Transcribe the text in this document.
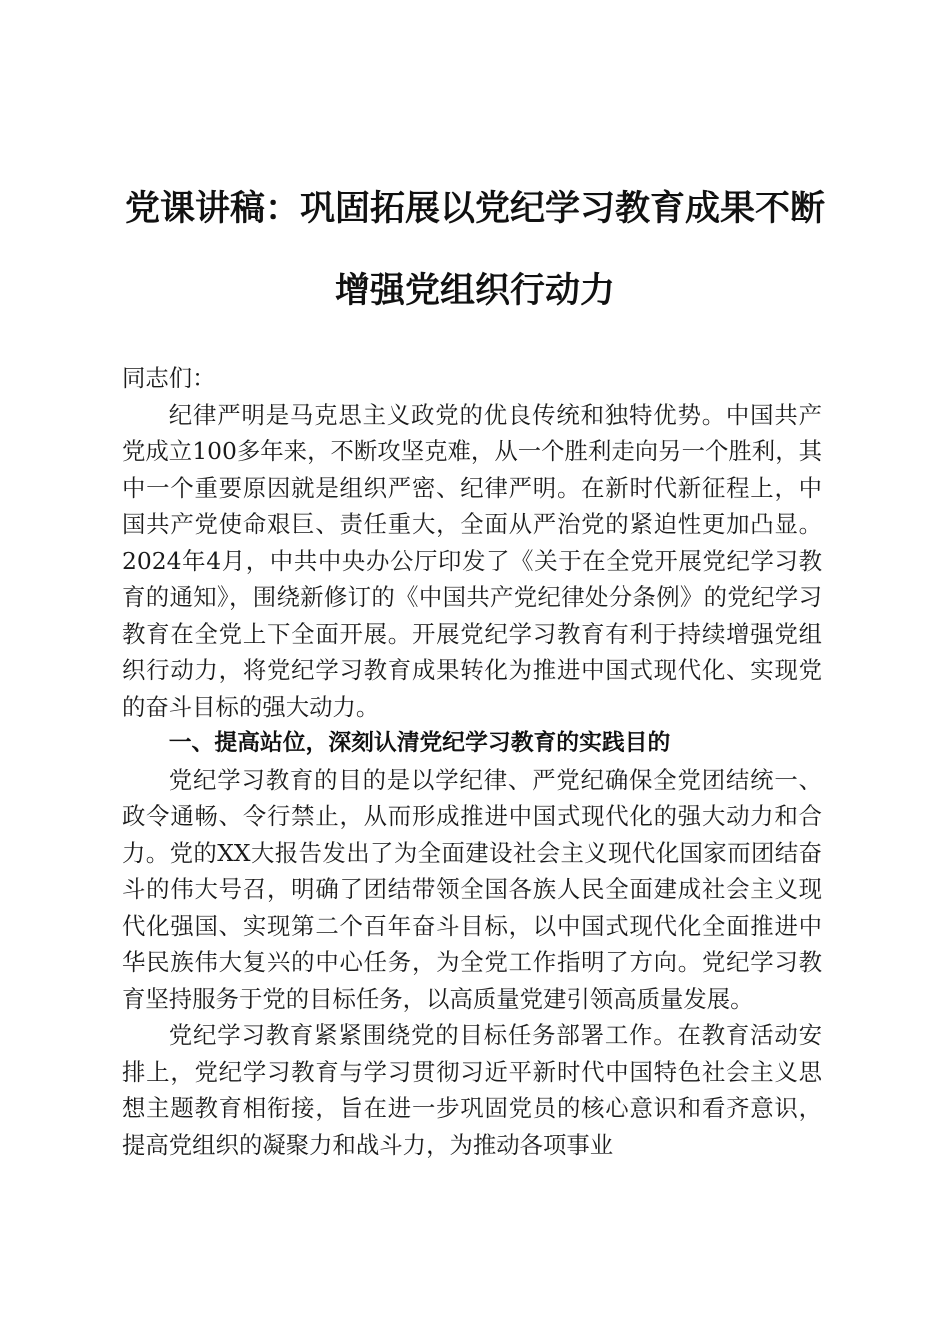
党课讲稿：巩固拓展以党纪学习教育成果不断
增强党组织行动力

同志们：

纪律严明是马克思主义政党的优良传统和独特优势。中国共产党成立100多年来，不断攻坚克难，从一个胜利走向另一个胜利，其中一个重要原因就是组织严密、纪律严明。在新时代新征程上，中国共产党使命艰巨、责任重大，全面从严治党的紧迫性更加凸显。2024年4月，中共中央办公厅印发了《关于在全党开展党纪学习教育的通知》，围绕新修订的《中国共产党纪律处分条例》的党纪学习教育在全党上下全面开展。开展党纪学习教育有利于持续增强党组织行动力，将党纪学习教育成果转化为推进中国式现代化、实现党的奋斗目标的强大动力。

一、提高站位，深刻认清党纪学习教育的实践目的

党纪学习教育的目的是以学纪律、严党纪确保全党团结统一、政令通畅、令行禁止，从而形成推进中国式现代化的强大动力和合力。党的XX大报告发出了为全面建设社会主义现代化国家而团结奋斗的伟大号召，明确了团结带领全国各族人民全面建成社会主义现代化强国、实现第二个百年奋斗目标，以中国式现代化全面推进中华民族伟大复兴的中心任务，为全党工作指明了方向。党纪学习教育坚持服务于党的目标任务，以高质量党建引领高质量发展。

党纪学习教育紧紧围绕党的目标任务部署工作。在教育活动安排上，党纪学习教育与学习贯彻习近平新时代中国特色社会主义思想主题教育相衔接，旨在进一步巩固党员的核心意识和看齐意识，提高党组织的凝聚力和战斗力，为推动各项事业
